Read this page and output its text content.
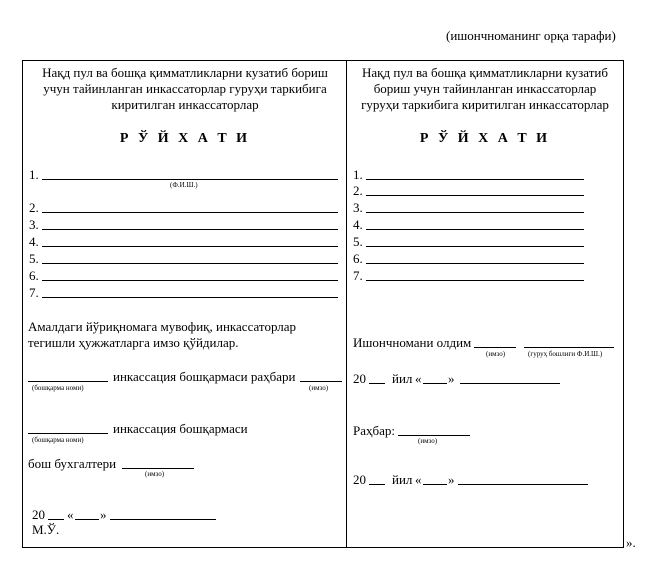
(ишончноманинг орқа тарафи)
Нақд пул ва бошқа қимматликларни кузатиб бориш
учун тайинланган инкассаторлар гуруҳи таркибига
киритилган инкассаторлар
Р Ў Й Х А Т И
1.
(Ф.И.Ш.)
2.
3.
4.
5.
6.
7.
Амалдаги йўриқномага мувофиқ, инкассаторлар
тегишли ҳужжатларга имзо қўйдилар.
инкассация бошқармаси раҳбари
(бошқарма номи)	(имзо)
инкассация бошқармаси
(бошқарма номи)
бош бухгалтери
(имзо)
20 « »
М.Ў.
Нақд пул ва бошқа қимматликларни кузатиб
бориш учун тайинланган инкассаторлар
гуруҳи таркибига киритилган инкассаторлар
Р Ў Й Х А Т И
1.
2.
3.
4.
5.
6.
7.
Ишончномани олдим
(имзо)	(гуруҳ бошлиғи Ф.И.Ш.)
20 йил « »
Раҳбар:
(имзо)
20 йил « »
».
